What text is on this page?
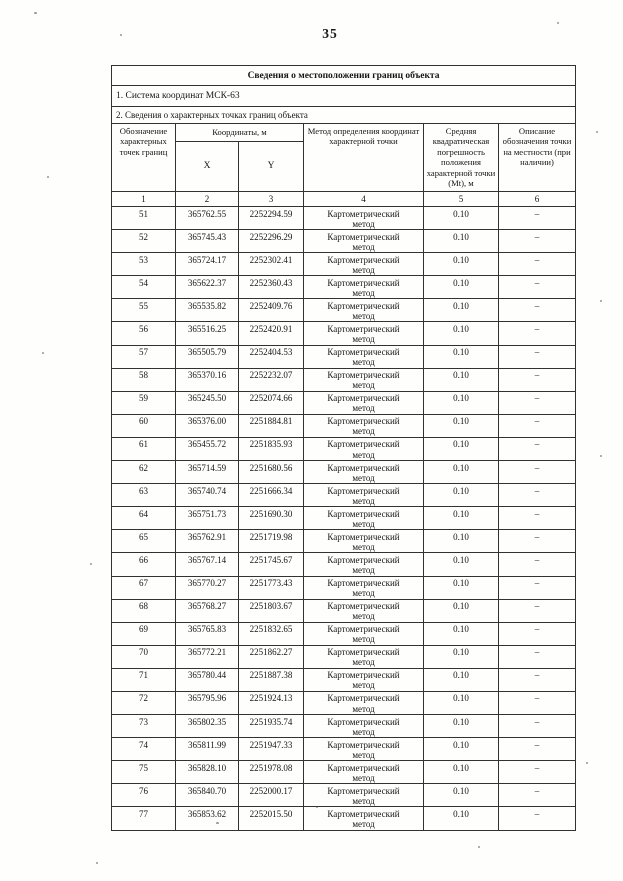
35
Сведения о местоположении границ объекта					
1. Система координат МСК-63					
2. Сведения о характерных точках границ объекта					
Обозначение характерных точек границ	Координаты, м		Метод определения координат характерной точки	Средняя квадратическая погрешность положения характерной точки (Mt), м	Описание обозначения точки на местности (при наличии)
	X	Y			
1	2	3	4	5	6
51	365762.55	2252294.59	Картометрический метод	0.10	–
52	365745.43	2252296.29	Картометрический метод	0.10	–
53	365724.17	2252302.41	Картометрический метод	0.10	–
54	365622.37	2252360.43	Картометрический метод	0.10	–
55	365535.82	2252409.76	Картометрический метод	0.10	–
56	365516.25	2252420.91	Картометрический метод	0.10	–
57	365505.79	2252404.53	Картометрический метод	0.10	–
58	365370.16	2252232.07	Картометрический метод	0.10	–
59	365245.50	2252074.66	Картометрический метод	0.10	–
60	365376.00	2251884.81	Картометрический метод	0.10	–
61	365455.72	2251835.93	Картометрический метод	0.10	–
62	365714.59	2251680.56	Картометрический метод	0.10	–
63	365740.74	2251666.34	Картометрический метод	0.10	–
64	365751.73	2251690.30	Картометрический метод	0.10	–
65	365762.91	2251719.98	Картометрический метод	0.10	–
66	365767.14	2251745.67	Картометрический метод	0.10	–
67	365770.27	2251773.43	Картометрический метод	0.10	–
68	365768.27	2251803.67	Картометрический метод	0.10	–
69	365765.83	2251832.65	Картометрический метод	0.10	–
70	365772.21	2251862.27	Картометрический метод	0.10	–
71	365780.44	2251887.38	Картометрический метод	0.10	–
72	365795.96	2251924.13	Картометрический метод	0.10	–
73	365802.35	2251935.74	Картометрический метод	0.10	–
74	365811.99	2251947.33	Картометрический метод	0.10	–
75	365828.10	2251978.08	Картометрический метод	0.10	–
76	365840.70	2252000.17	Картометрический метод	0.10	–
77	365853.62	2252015.50	Картометрический метод	0.10	–
